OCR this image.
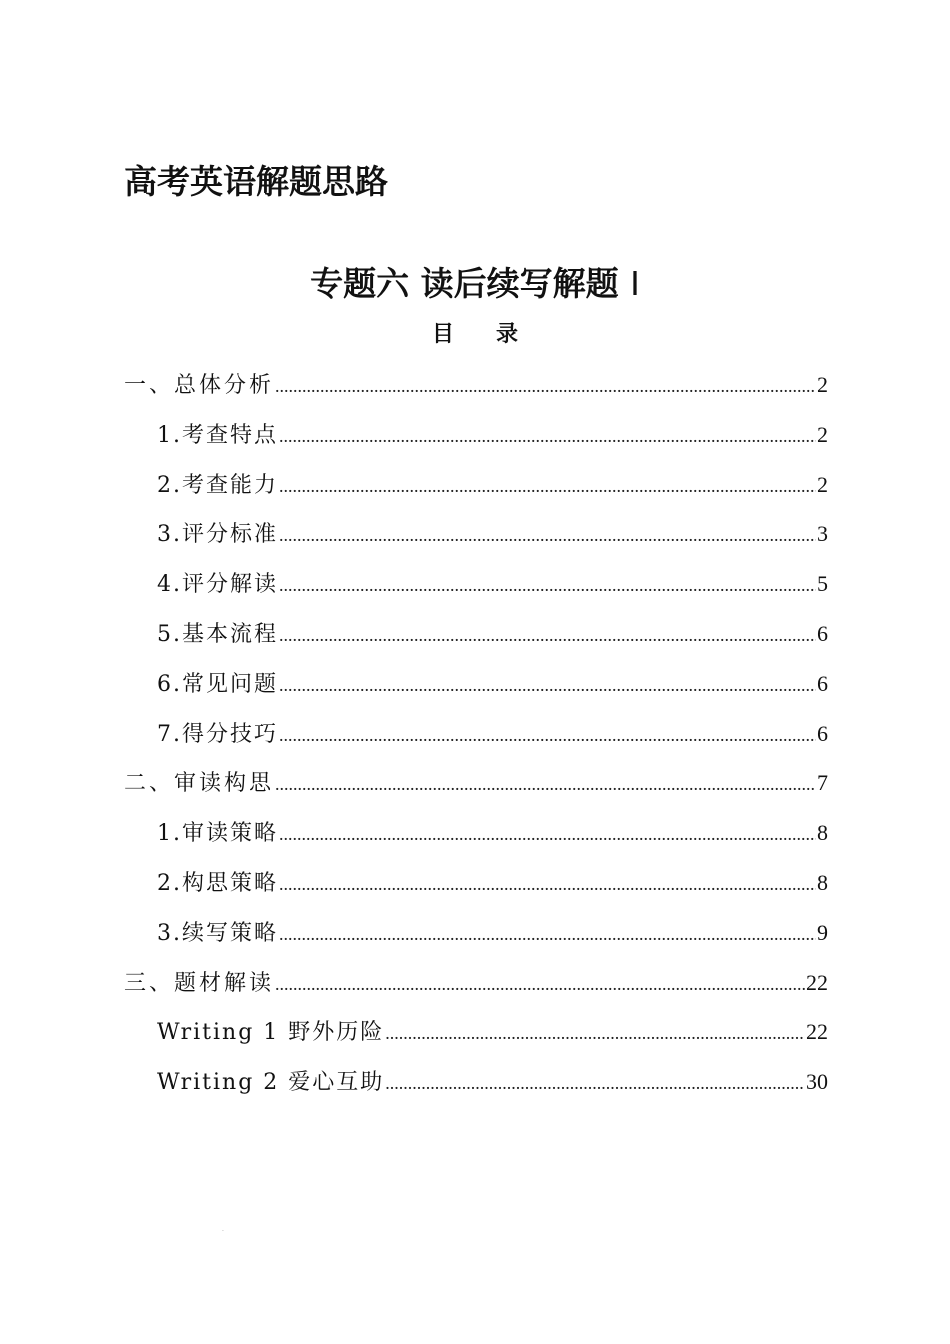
高考英语解题思路
专题六 读后续写解题 Ⅰ
目 录
一、总体分析 .....	2
1.考查特点 .....	2
2.考查能力 .....	2
3.评分标准 .....	3
4.评分解读 .....	5
5.基本流程 .....	6
6.常见问题 .....	6
7.得分技巧 .....	6
二、审读构思 .....	7
1.审读策略 .....	8
2.构思策略 .....	8
3.续写策略 .....	9
三、题材解读 .....	22
Writing 1 野外历险 .....	22
Writing 2 爱心互助 .....	30
.
